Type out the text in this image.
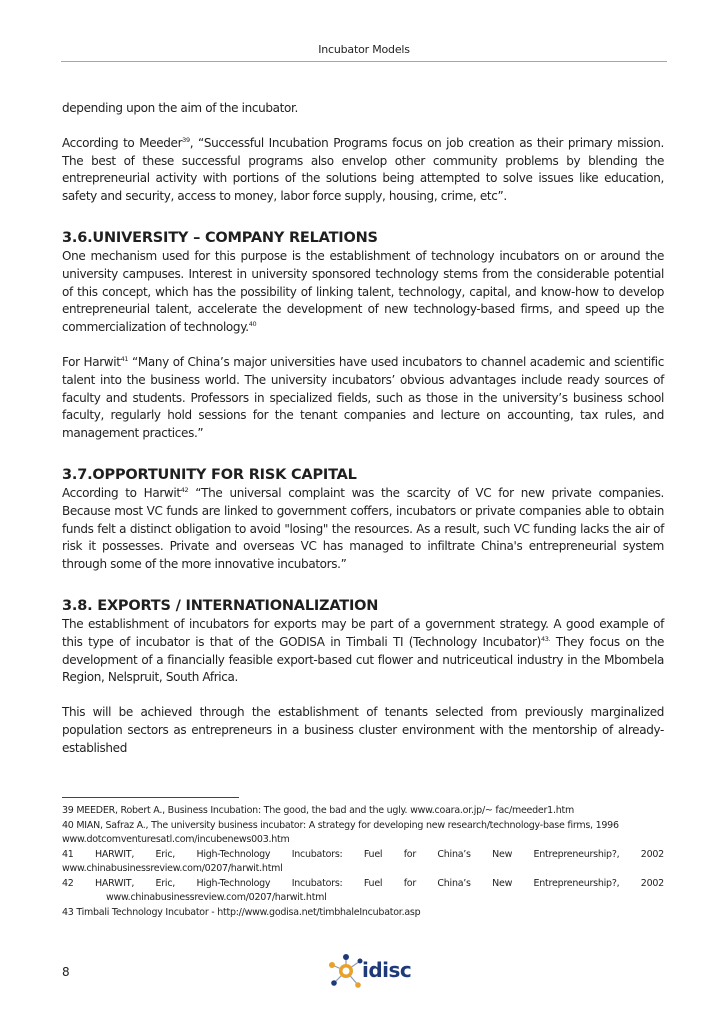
Incubator Models

depending upon the aim of the incubator.

According to Meeder$^{39}$, “Successful Incubation Programs focus on job creation as their primary mission. The best of these successful programs also envelop other community problems by blending the entrepreneurial activity with portions of the solutions being attempted to solve issues like education, safety and security, access to money, labor force supply, housing, crime, etc”.

3.6.UNIVERSITY – COMPANY RELATIONS

One mechanism used for this purpose is the establishment of technology incubators on or around the university campuses. Interest in university sponsored technology stems from the considerable potential of this concept, which has the possibility of linking talent, technology, capital, and know-how to develop entrepreneurial talent, accelerate the development of new technology-based firms, and speed up the commercialization of technology.$^{40}$

For Harwit$^{41}$ “Many of China’s major universities have used incubators to channel academic and scientific talent into the business world. The university incubators’ obvious advantages include ready sources of faculty and students. Professors in specialized fields, such as those in the university’s business school faculty, regularly hold sessions for the tenant companies and lecture on accounting, tax rules, and management practices.”

3.7.OPPORTUNITY FOR RISK CAPITAL

According to Harwit$^{42}$ “The universal complaint was the scarcity of VC for new private companies. Because most VC funds are linked to government coffers, incubators or private companies able to obtain funds felt a distinct obligation to avoid "losing" the resources. As a result, such VC funding lacks the air of risk it possesses. Private and overseas VC has managed to infiltrate China's entrepreneurial system through some of the more innovative incubators.”

3.8. EXPORTS / INTERNATIONALIZATION

The establishment of incubators for exports may be part of a government strategy. A good example of this type of incubator is that of the GODISA in Timbali TI (Technology Incubator)$^{43.}$ They focus on the development of a financially feasible export-based cut flower and nutriceutical industry in the Mbombela Region, Nelspruit, South Africa.

This will be achieved through the establishment of tenants selected from previously marginalized population sectors as entrepreneurs in a business cluster environment with the mentorship of already-established

39 MEEDER, Robert A., Business Incubation: The good, the bad and the ugly. www.coara.or.jp/~ fac/meeder1.htm
40 MIAN, Safraz A., The university business incubator: A strategy for developing new research/technology-base firms, 1996
www.dotcomventuresatl.com/incubenews003.htm
41 HARWIT, Eric, High-Technology Incubators: Fuel for China’s New Entrepreneurship?, 2002
www.chinabusinessreview.com/0207/harwit.html
42 HARWIT, Eric, High-Technology Incubators: Fuel for China’s New Entrepreneurship?, 2002
www.chinabusinessreview.com/0207/harwit.html
43 Timbali Technology Incubator - http://www.godisa.net/timbhaleIncubator.asp
8	idisc
